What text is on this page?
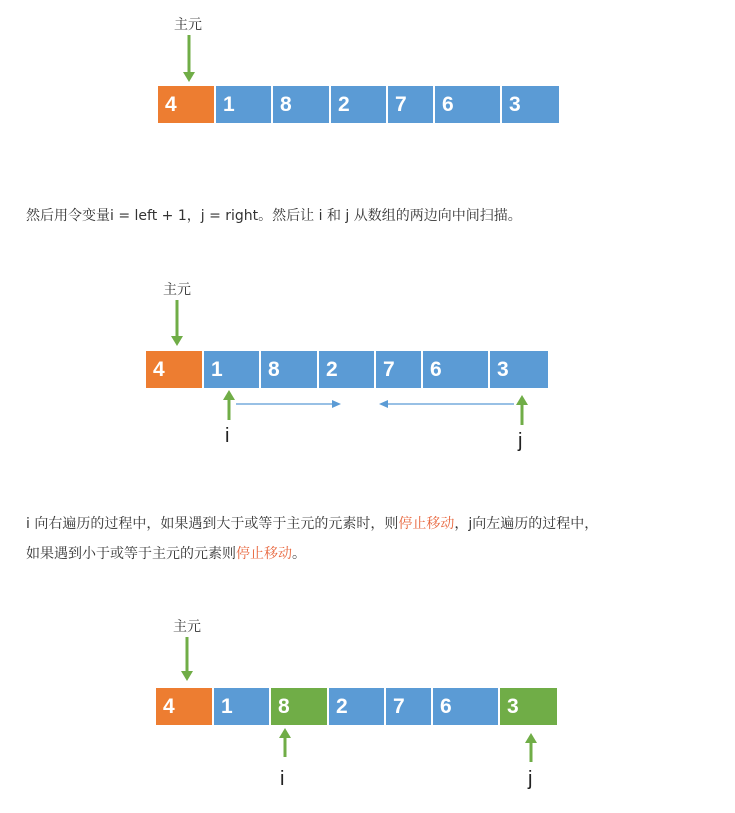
主元
4	1	8	2	7	6	3
然后用令变量i = left + 1，j = right。然后让 i 和 j 从数组的两边向中间扫描。
主元
4	1	8	2	7	6	3
i	j
i 向右遍历的过程中，如果遇到大于或等于主元的元素时，则停止移动，j向左遍历的过程中，
如果遇到小于或等于主元的元素则停止移动。
主元
4	1	8	2	7	6	3
i	j
